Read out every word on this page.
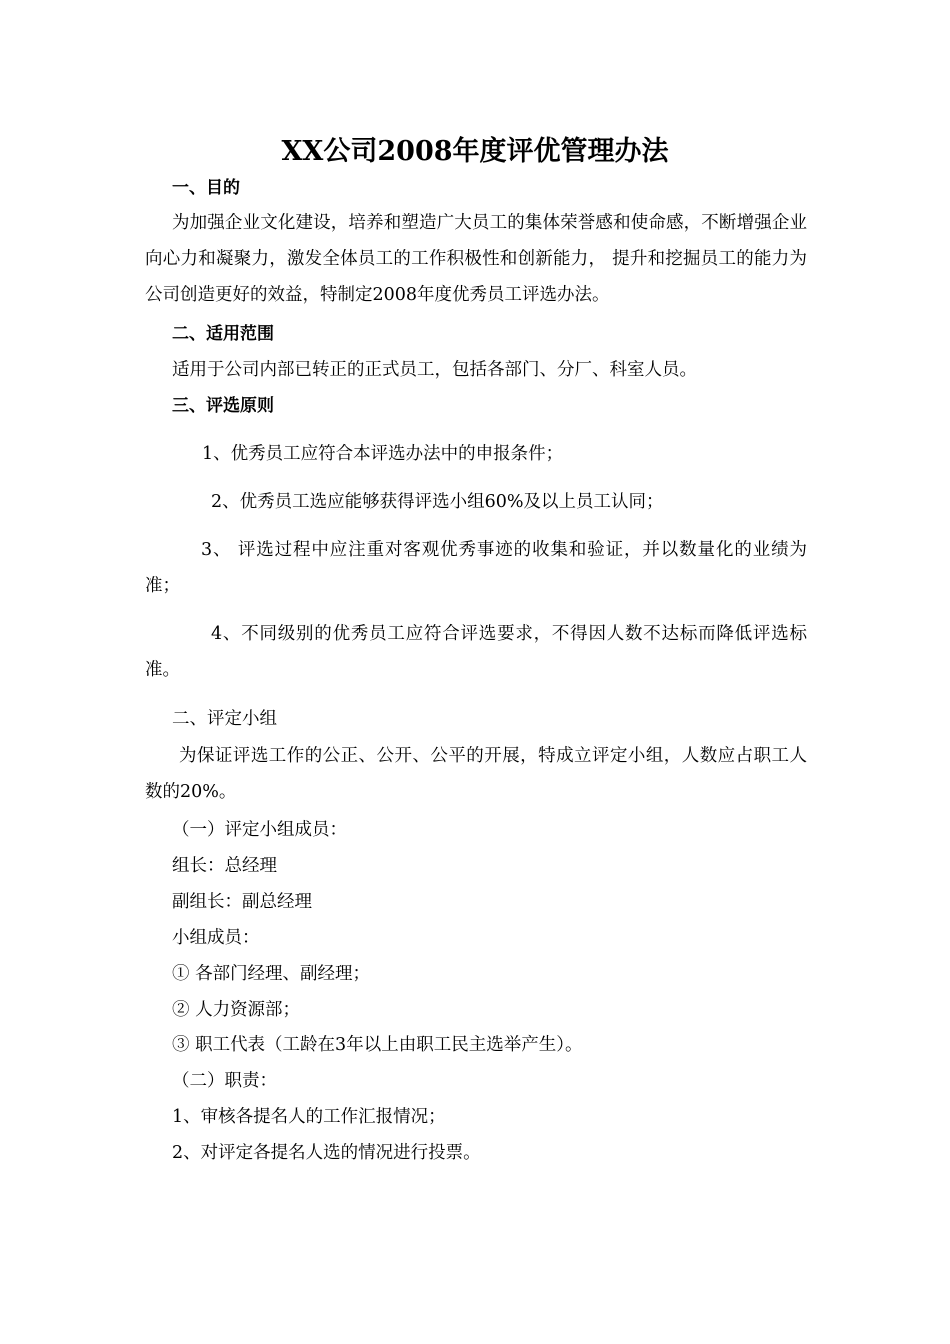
XX公司2008年度评优管理办法
一、目的
为加强企业文化建设，培养和塑造广大员工的集体荣誉感和使命感，不断增强企业向心力和凝聚力，激发全体员工的工作积极性和创新能力， 提升和挖掘员工的能力为公司创造更好的效益，特制定2008年度优秀员工评选办法。
二、适用范围
适用于公司内部已转正的正式员工，包括各部门、分厂、科室人员。
三、评选原则
1、优秀员工应符合本评选办法中的申报条件；
2、优秀员工选应能够获得评选小组60%及以上员工认同；
3、 评选过程中应注重对客观优秀事迹的收集和验证，并以数量化的业绩为准；
4、不同级别的优秀员工应符合评选要求，不得因人数不达标而降低评选标准。
二、评定小组
为保证评选工作的公正、公开、公平的开展，特成立评定小组，人数应占职工人数的20%。
（一）评定小组成员：
组长：总经理
副组长：副总经理
小组成员：
① 各部门经理、副经理；
② 人力资源部；
③ 职工代表（工龄在3年以上由职工民主选举产生）。
（二）职责：
1、审核各提名人的工作汇报情况；
2、对评定各提名人选的情况进行投票。
